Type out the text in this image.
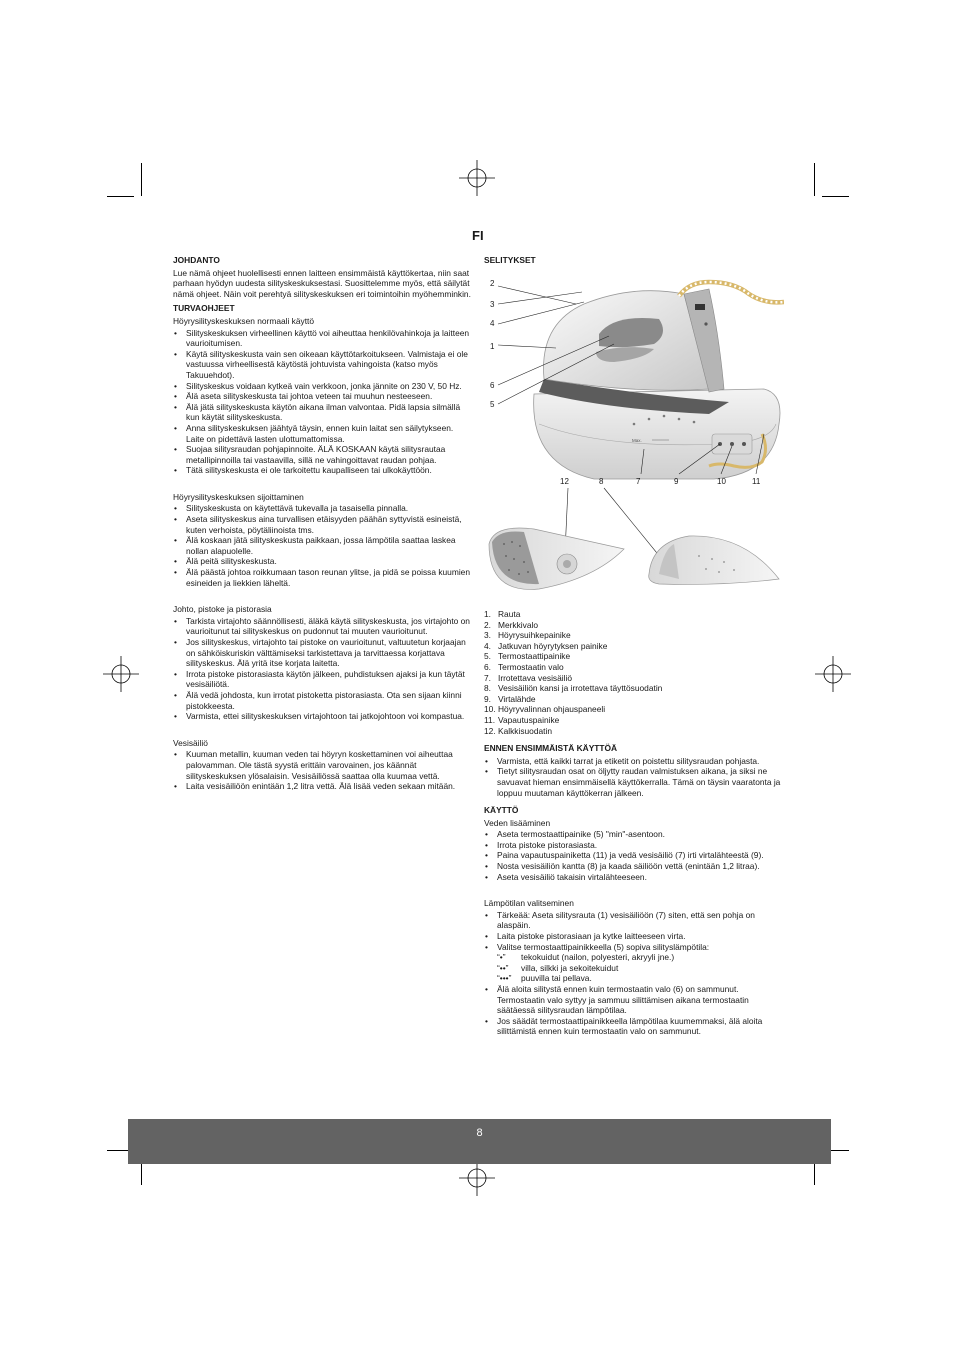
FI
JOHDANTO

Lue nämä ohjeet huolellisesti ennen laitteen ensimmäistä käyttökertaa, niin saat parhaan hyödyn uudesta silityskeskuksestasi. Suosittelemme myös, että säilytät nämä ohjeet. Näin voit perehtyä silityskeskuksen eri toimintoihin myöhemminkin.

TURVAOHJEET
Höyrysilityskeskuksen normaali käyttö
• Silityskeskuksen virheellinen käyttö voi aiheuttaa henkilövahinkoja ja laitteen vaurioitumisen.
• Käytä silityskeskusta vain sen oikeaan käyttötarkoitukseen. Valmistaja ei ole vastuussa virheellisestä käytöstä johtuvista vahingoista (katso myös Takuuehdot).
• Silityskeskus voidaan kytkeä vain verkkoon, jonka jännite on 230 V, 50 Hz.
• Älä aseta silityskeskusta tai johtoa veteen tai muuhun nesteeseen.
• Älä jätä silityskeskusta käytön aikana ilman valvontaa. Pidä lapsia silmällä kun käytät silityskeskusta.
• Anna silityskeskuksen jäähtyä täysin, ennen kuin laitat sen säilytykseen. Laite on pidettävä lasten ulottumattomissa.
• Suojaa silitysraudan pohjapinnoite. ÄLÄ KOSKAAN käytä silitysrautaa metallipinnoilla tai vastaavilla, sillä ne vahingoittavat raudan pohjaa.
• Tätä silityskeskusta ei ole tarkoitettu kaupalliseen tai ulkokäyttöön.
Höyrysilityskeskuksen sijoittaminen
• Silityskeskusta on käytettävä tukevalla ja tasaisella pinnalla.
• Aseta silityskeskus aina turvallisen etäisyyden päähän syttyvistä esineistä, kuten verhoista, pöytäliinoista tms.
• Älä koskaan jätä silityskeskusta paikkaan, jossa lämpötila saattaa laskea nollan alapuolelle.
• Älä peitä silityskeskusta.
• Älä päästä johtoa roikkumaan tason reunan ylitse, ja pidä se poissa kuumien esineiden ja liekkien läheltä.
Johto, pistoke ja pistorasia
• Tarkista virtajohto säännöllisesti, äläkä käytä silityskeskusta, jos virtajohto on vaurioitunut tai silityskeskus on pudonnut tai muuten vaurioitunut.
• Jos silityskeskus, virtajohto tai pistoke on vaurioitunut, valtuutetun korjaajan on sähköiskuriskin välttämiseksi tarkistettava ja tarvittaessa korjattava silityskeskus. Älä yritä itse korjata laitetta.
• Irrota pistoke pistorasiasta käytön jälkeen, puhdistuksen ajaksi ja kun täytät vesisäiliötä.
• Älä vedä johdosta, kun irrotat pistoketta pistorasiasta. Ota sen sijaan kiinni pistokkeesta.
• Varmista, ettei silityskeskuksen virtajohtoon tai jatkojohtoon voi kompastua.
Vesisäiliö
• Kuuman metallin, kuuman veden tai höyryn koskettaminen voi aiheuttaa palovamman. Ole tästä syystä erittäin varovainen, jos käännät silityskeskuksen ylösalaisin. Vesisäiliössä saattaa olla kuumaa vettä.
• Laita vesisäiliöön enintään 1,2 litra vettä. Älä lisää veden sekaan mitään.
SELITYKSET
Max.
2
3
4
1
6
5
12	8	7	9	10	11
1. Rauta
2. Merkkivalo
3. Höyrysuihkepainike
4. Jatkuvan höyrytyksen painike
5. Termostaattipainike
6. Termostaatin valo
7. Irrotettava vesisäiliö
8. Vesisäiliön kansi ja irrotettava täyttösuodatin
9. Virtalähde
10. Höyryvalinnan ohjauspaneeli
11. Vapautuspainike
12. Kalkkisuodatin
ENNEN ENSIMMÄISTÄ KÄYTTÖÄ
• Varmista, että kaikki tarrat ja etiketit on poistettu silitysraudan pohjasta.
• Tietyt silitysraudan osat on öljytty raudan valmistuksen aikana, ja siksi ne savuavat hieman ensimmäisellä käyttökerralla. Tämä on täysin vaaratonta ja loppuu muutaman käyttökerran jälkeen.
KÄYTTÖ
Veden lisääminen
• Aseta termostaattipainike (5) "min"-asentoon.
• Irrota pistoke pistorasiasta.
• Paina vapautuspainiketta (11) ja vedä vesisäiliö (7) irti virtalähteestä (9).
• Nosta vesisäiliön kantta (8) ja kaada säiliöön vettä (enintään 1,2 litraa).
• Aseta vesisäiliö takaisin virtalähteeseen.
Lämpötilan valitseminen
• Tärkeää: Aseta silitysrauta (1) vesisäiliöön (7) siten, että sen pohja on alaspäin.
• Laita pistoke pistorasiaan ja kytke laitteeseen virta.
• Valitse termostaattipainikkeella (5) sopiva silityslämpötila:
“•”	tekokuidut (nailon, polyesteri, akryyli jne.)
“••”	villa, silkki ja sekoitekuidut
“•••”	puuvilla tai pellava.
• Älä aloita silitystä ennen kuin termostaatin valo (6) on sammunut. Termostaatin valo syttyy ja sammuu silittämisen aikana termostaatin säätäessä silitysraudan lämpötilaa.
• Jos säädät termostaattipainikkeella lämpötilaa kuumemmaksi, älä aloita silittämistä ennen kuin termostaatin valo on sammunut.
8
